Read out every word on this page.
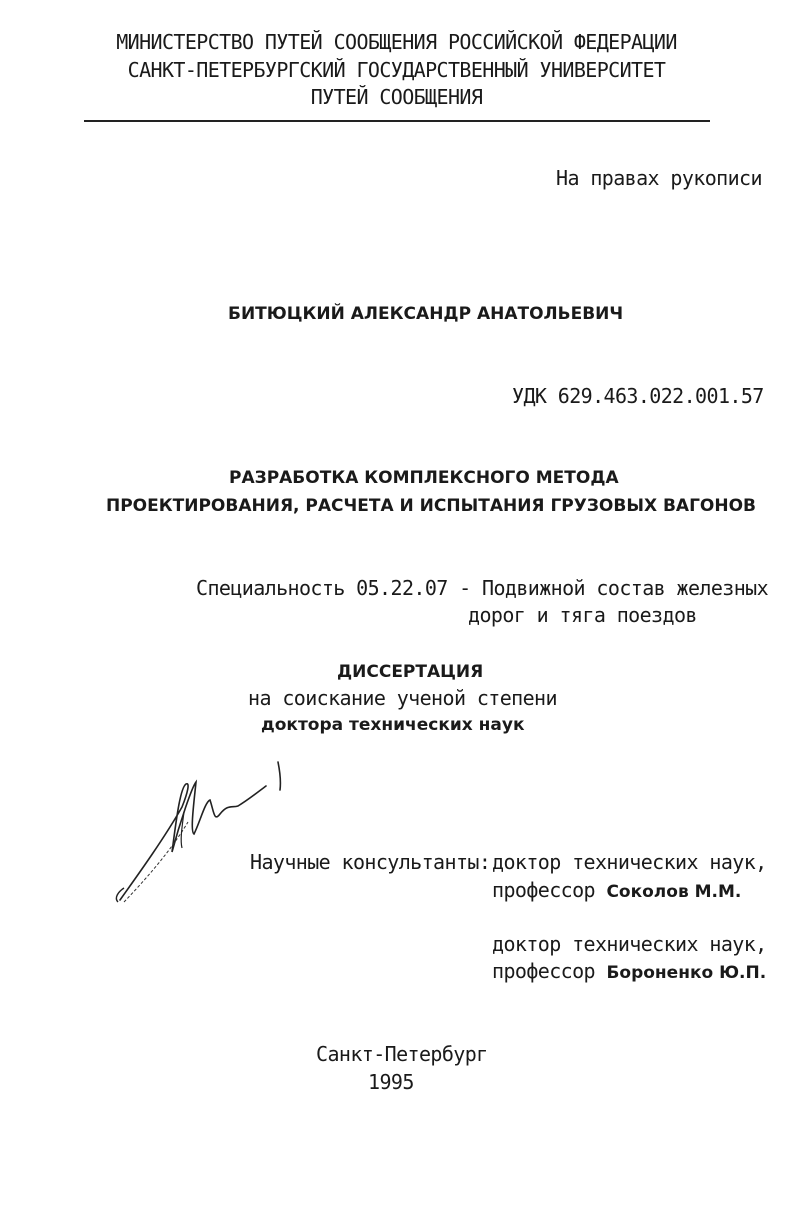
МИНИСТЕРСТВО ПУТЕЙ СООБЩЕНИЯ РОССИЙСКОЙ ФЕДЕРАЦИИ
САНКТ-ПЕТЕРБУРГСКИЙ ГОСУДАРСТВЕННЫЙ УНИВЕРСИТЕТ
ПУТЕЙ СООБЩЕНИЯ
На правах рукописи
БИТЮЦКИЙ АЛЕКСАНДР АНАТОЛЬЕВИЧ
УДК 629.463.022.001.57
РАЗРАБОТКА КОМПЛЕКСНОГО МЕТОДА
ПРОЕКТИРОВАНИЯ, РАСЧЕТА И ИСПЫТАНИЯ ГРУЗОВЫХ ВАГОНОВ
Специальность 05.22.07 - Подвижной состав железных
дорог и тяга поездов
ДИССЕРТАЦИЯ
на соискание ученой степени
доктора технических наук
Научные консультанты: доктор технических наук,
профессор Соколов М.М.
доктор технических наук,
профессор Бороненко Ю.П.
Санкт-Петербург
1995
